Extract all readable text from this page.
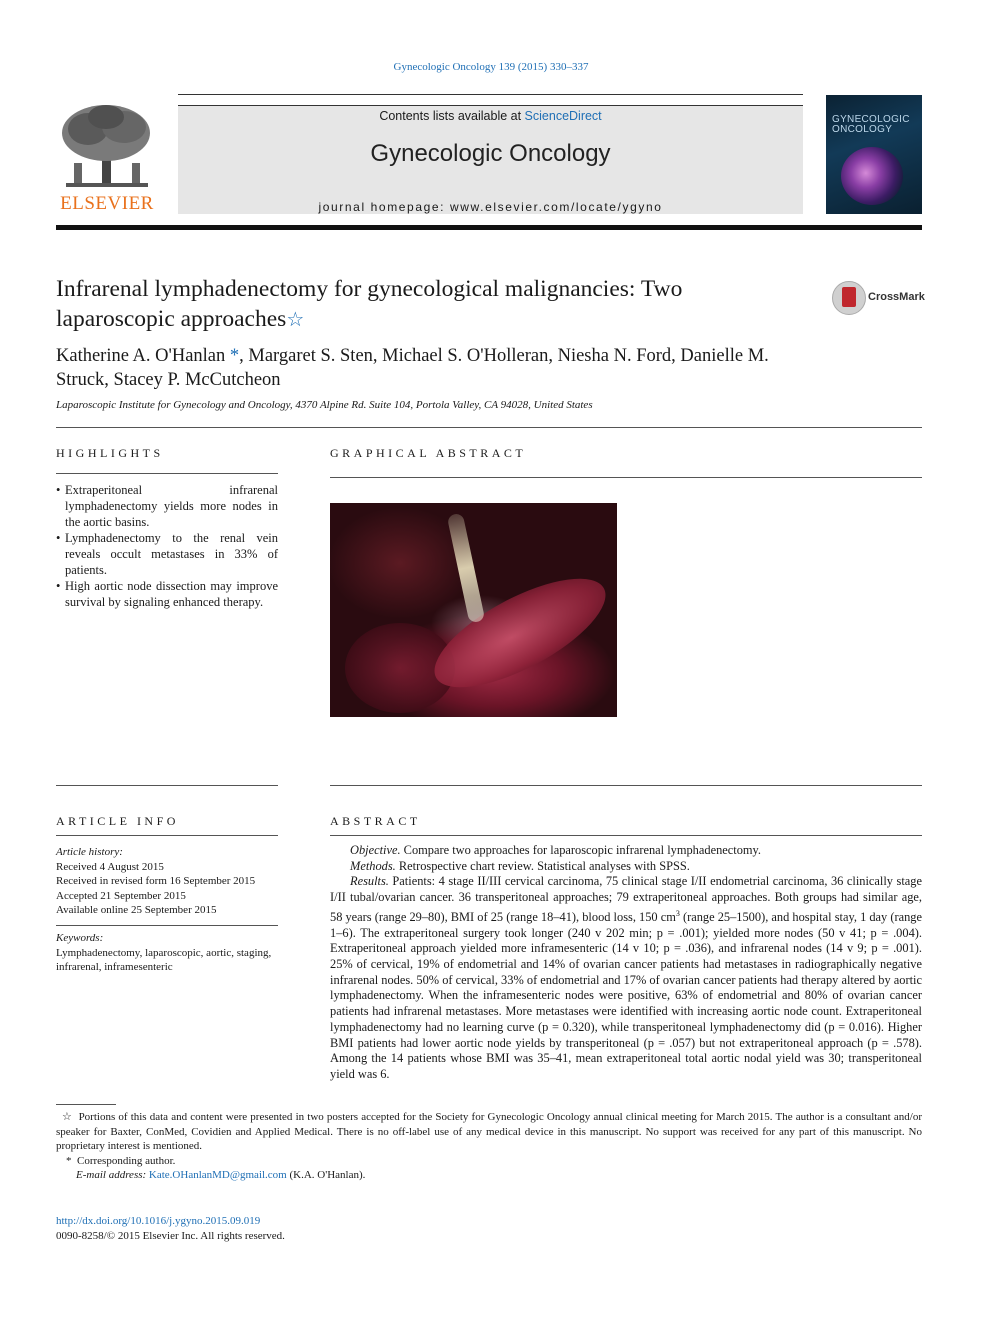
Gynecologic Oncology 139 (2015) 330–337
ELSEVIER
Contents lists available at ScienceDirect
Gynecologic Oncology
journal homepage: www.elsevier.com/locate/ygyno
GYNECOLOGIC
ONCOLOGY
Infrarenal lymphadenectomy for gynecological malignancies: Two laparoscopic approaches☆
CrossMark
Katherine A. O'Hanlan *, Margaret S. Sten, Michael S. O'Holleran, Niesha N. Ford, Danielle M. Struck, Stacey P. McCutcheon
Laparoscopic Institute for Gynecology and Oncology, 4370 Alpine Rd. Suite 104, Portola Valley, CA 94028, United States
HIGHLIGHTS
• Extraperitoneal infrarenal lymphadenectomy yields more nodes in the aortic basins.
• Lymphadenectomy to the renal vein reveals occult metastases in 33% of patients.
• High aortic node dissection may improve survival by signaling enhanced therapy.
GRAPHICAL ABSTRACT
ARTICLE INFO
Article history:
Received 4 August 2015
Received in revised form 16 September 2015
Accepted 21 September 2015
Available online 25 September 2015
Keywords:
Lymphadenectomy, laparoscopic, aortic, staging, infrarenal, inframesenteric
ABSTRACT

Objective. Compare two approaches for laparoscopic infrarenal lymphadenectomy.

Methods. Retrospective chart review. Statistical analyses with SPSS.

Results. Patients: 4 stage II/III cervical carcinoma, 75 clinical stage I/II endometrial carcinoma, 36 clinically stage I/II tubal/ovarian cancer. 36 transperitoneal approaches; 79 extraperitoneal approaches. Both groups had similar age, 58 years (range 29–80), BMI of 25 (range 18–41), blood loss, 150 $cm^3$ (range 25–1500), and hospital stay, 1 day (range 1–6). The extraperitoneal surgery took longer (240 v 202 min; p = .001); yielded more nodes (50 v 41; p = .004). Extraperitoneal approach yielded more inframesenteric (14 v 10; p = .036), and infrarenal nodes (14 v 9; p = .001). 25% of cervical, 19% of endometrial and 14% of ovarian cancer patients had metastases in radiographically negative infrarenal nodes. 50% of cervical, 33% of endometrial and 17% of ovarian cancer patients had therapy altered by aortic lymphadenectomy. When the inframesenteric nodes were positive, 63% of endometrial and 80% of ovarian cancer patients had infrarenal metastases. More metastases were identified with increasing aortic node count. Extraperitoneal lymphadenectomy had no learning curve (p = 0.320), while transperitoneal lymphadenectomy did (p = 0.016). Higher BMI patients had lower aortic node yields by transperitoneal (p = .057) but not extraperitoneal approach (p = .578). Among the 14 patients whose BMI was 35–41, mean extraperitoneal total aortic nodal yield was 30; transperitoneal yield was 6.

☆ Portions of this data and content were presented in two posters accepted for the Society for Gynecologic Oncology annual clinical meeting for March 2015. The author is a consultant and/or speaker for Baxter, ConMed, Covidien and Applied Medical. There is no off-label use of any medical device in this manuscript. No support was received for any part of this manuscript. No proprietary interest is mentioned.

* Corresponding author.

E-mail address: Kate.OHanlanMD@gmail.com (K.A. O'Hanlan).

http://dx.doi.org/10.1016/j.ygyno.2015.09.019
0090-8258/© 2015 Elsevier Inc. All rights reserved.
